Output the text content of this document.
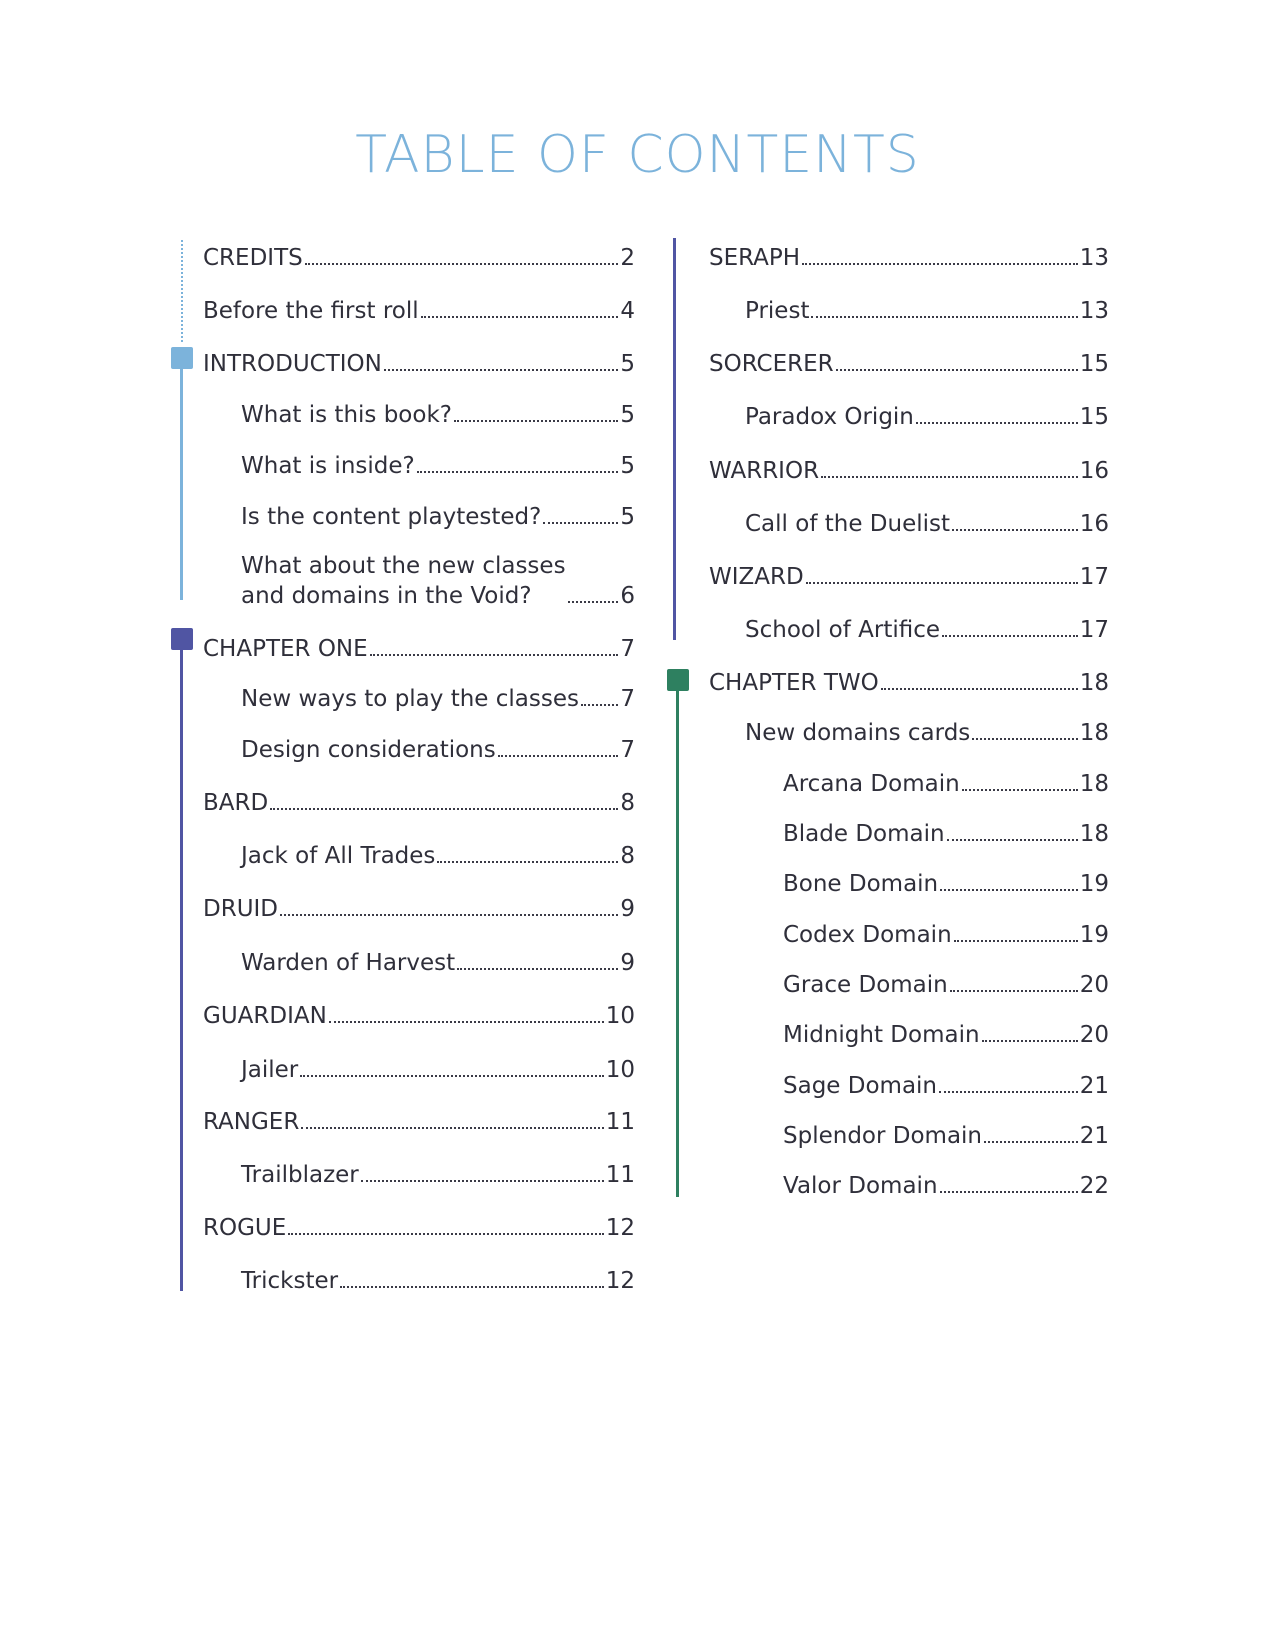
TABLE OF CONTENTS
CREDITS	2
Before the first roll	4
INTRODUCTION	5
What is this book?	5
What is inside?	5
Is the content playtested?	5
What about the new classes
and domains in the Void?	6
CHAPTER ONE	7
New ways to play the classes 7
Design considerations	7
BARD	8
Jack of All Trades	8
DRUID	9
Warden of Harvest	9
GUARDIAN	10
Jailer	10
RANGER	11
Trailblazer	11
ROGUE	12
Trickster	12
SERAPH	13
Priest	13
SORCERER	15
Paradox Origin	15
WARRIOR	16
Call of the Duelist	16
WIZARD	17
School of Artifice	17
CHAPTER TWO	18
New domains cards	18
Arcana Domain	18
Blade Domain	18
Bone Domain	19
Codex Domain	19
Grace Domain	20
Midnight Domain	20
Sage Domain	21
Splendor Domain	21
Valor Domain	22
